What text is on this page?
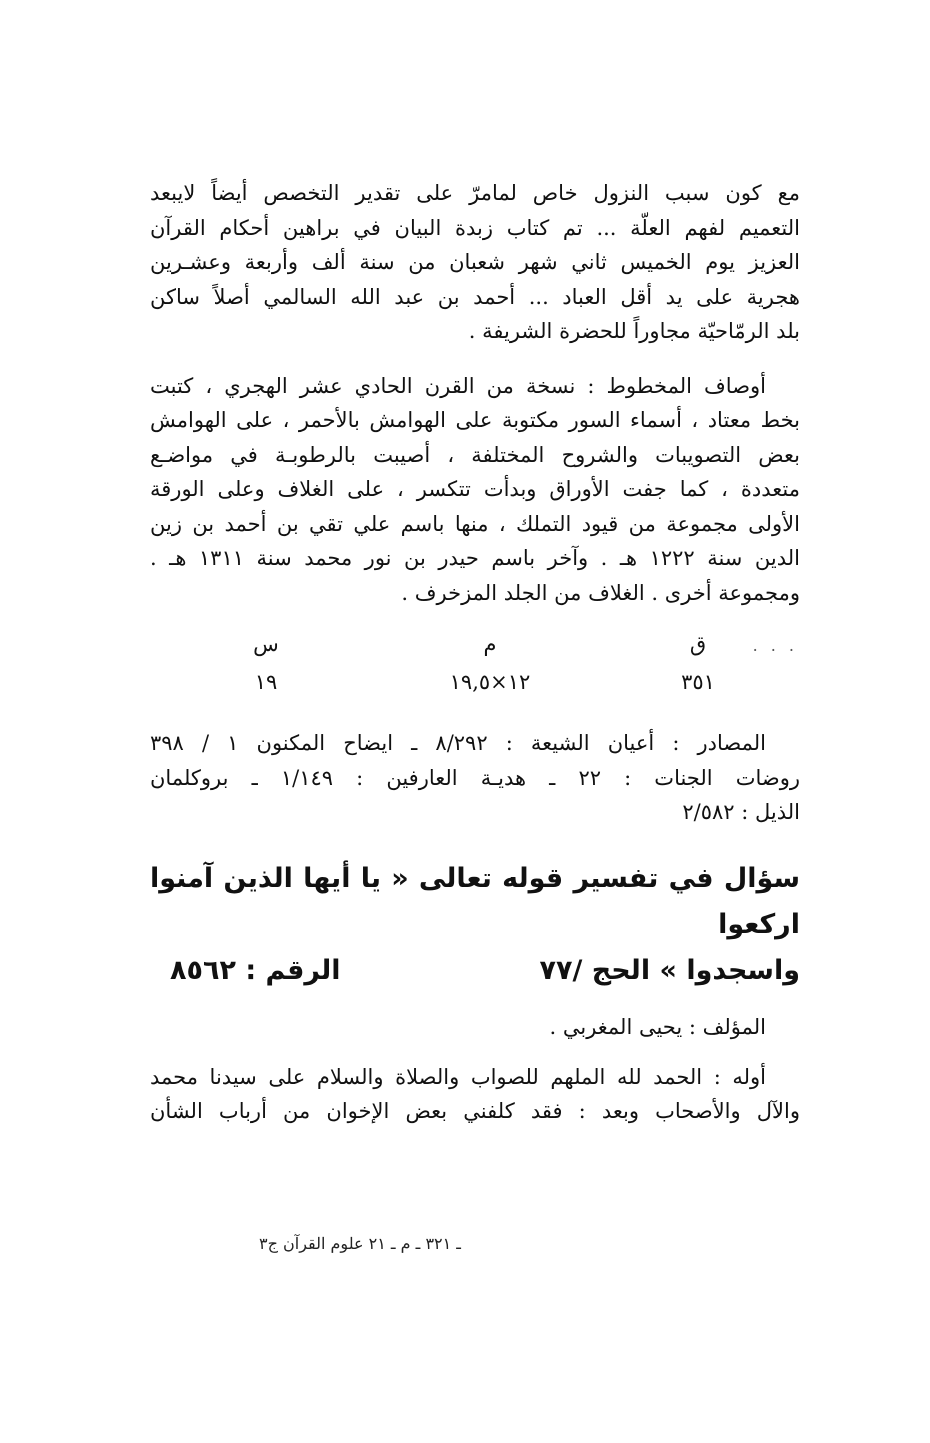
مع كون سبب النزول خاص لمامرّ على تقدير التخصص أيضاً لايبعد

التعميم لفهم العلّة ... تم كتاب زبدة البيان في براهين أحكام القرآن

العزيز يوم الخميس ثاني شهر شعبان من سنة ألف وأربعة وعشـرين

هجرية على يد أقل العباد ... أحمد بن عبد الله السالمي أصلاً ساكن

بلد الرمّاحيّة مجاوراً للحضرة الشريفة .

أوصاف المخطوط : نسخة من القرن الحادي عشر الهجري ، كتبت

بخط معتاد ، أسماء السور مكتوبة على الهوامش بالأحمر ، على الهوامش

بعض التصويبات والشروح المختلفة ، أصيبت بالرطوبـة في مواضـع

متعددة ، كما جفت الأوراق وبدأت تتكسر ، على الغلاف وعلى الورقة

الأولى مجموعة من قيود التملك ، منها باسم علي تقي بن أحمد بن زين

الدين سنة ١٢٢٢ هـ . وآخر باسم حيدر بن نور محمد سنة ١٣١١ هـ .

ومجموعة أخرى . الغلاف من الجلد المزخرف .

. . .
ق
م
س
٣٥١
١٢×١٩,٥
١٩

المصادر : أعيان الشيعة : ٨/٢٩٢ ـ ايضاح المكنون ١ / ٣٩٨

روضات الجنات : ٢٢ ـ هديـة العارفين : ١/١٤٩ ـ بروكلمان

الذيل : ٢/٥٨٢

سؤال في تفسير قوله تعالى « يا أيها الذين آمنوا اركعوا

واسجدوا » الحج /٧٧
الرقم : ٨٥٦٢

المؤلف : يحيى المغربي .

أوله : الحمد لله الملهم للصواب والصلاة والسلام على سيدنا محمد

والآل والأصحاب وبعد : فقد كلفني بعض الإخوان من أرباب الشأن

ـ ٣٢١ ـ م ـ ٢١ علوم القرآن ج٣
